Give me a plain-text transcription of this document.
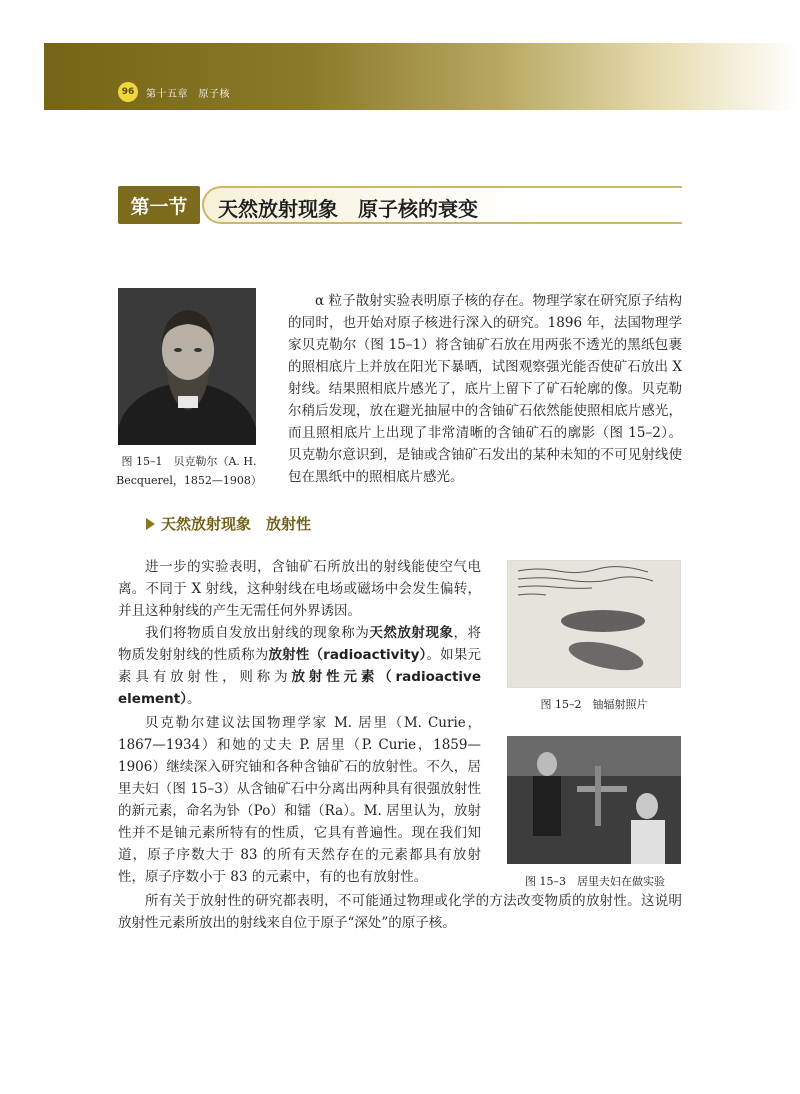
96	第十五章　原子核
第一节	天然放射现象　原子核的衰变
图 15–1　贝克勒尔（A. H.
Becquerel，1852—1908）
α 粒子散射实验表明原子核的存在。物理学家在研究原子结构的同时，也开始对原子核进行深入的研究。1896 年，法国物理学家贝克勒尔（图 15–1）将含铀矿石放在用两张不透光的黑纸包裹的照相底片上并放在阳光下暴晒，试图观察强光能否使矿石放出 X 射线。结果照相底片感光了，底片上留下了矿石轮廓的像。贝克勒尔稍后发现，放在避光抽屉中的含铀矿石依然能使照相底片感光，而且照相底片上出现了非常清晰的含铀矿石的廓影（图 15–2）。贝克勒尔意识到，是铀或含铀矿石发出的某种未知的不可见射线使包在黑纸中的照相底片感光。
天然放射现象　放射性
进一步的实验表明，含铀矿石所放出的射线能使空气电离。不同于 X 射线，这种射线在电场或磁场中会发生偏转，并且这种射线的产生无需任何外界诱因。
我们将物质自发放出射线的现象称为天然放射现象，将物质发射射线的性质称为放射性（radioactivity）。如果元素具有放射性，则称为放射性元素（radioactive element）。
贝克勒尔建议法国物理学家 M. 居里（M. Curie，1867—1934）和她的丈夫 P. 居里（P. Curie，1859—1906）继续深入研究铀和各种含铀矿石的放射性。不久，居里夫妇（图 15–3）从含铀矿石中分离出两种具有很强放射性的新元素，命名为钋（Po）和镭（Ra）。M. 居里认为，放射性并不是铀元素所特有的性质，它具有普遍性。现在我们知道，原子序数大于 83 的所有天然存在的元素都具有放射性，原子序数小于 83 的元素中，有的也有放射性。
所有关于放射性的研究都表明，不可能通过物理或化学的方法改变物质的放射性。这说明放射性元素所放出的射线来自位于原子“深处”的原子核。
图 15–2　铀辐射照片
图 15–3　居里夫妇在做实验
